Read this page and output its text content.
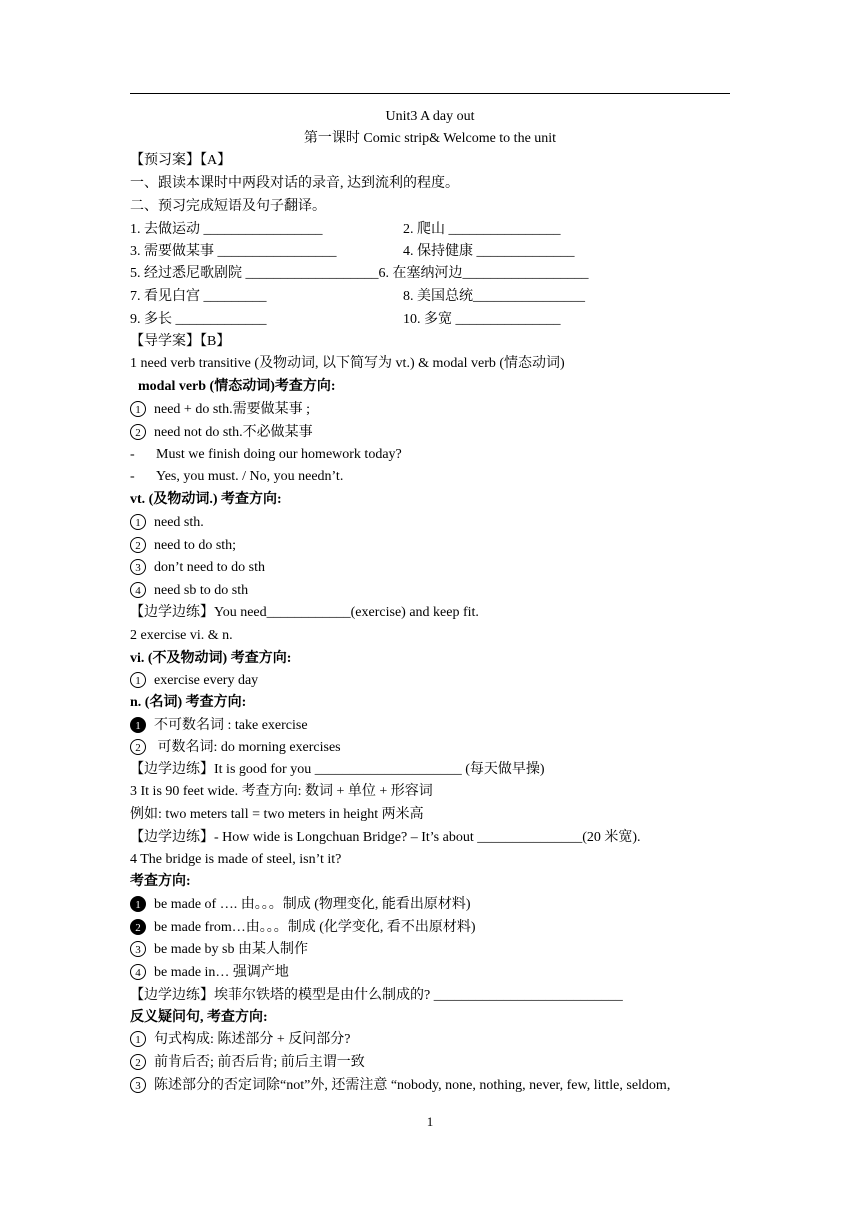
Unit3 A day out
第一课时 Comic strip& Welcome to the unit
【预习案】【A】
一、跟读本课时中两段对话的录音, 达到流利的程度。
二、预习完成短语及句子翻译。
1. 去做运动 _________________	2. 爬山 ________________
3. 需要做某事 _________________	4. 保持健康 ______________
5. 经过悉尼歌剧院 ___________________6. 在塞纳河边__________________
7. 看见白宫 _________	8. 美国总统________________
9. 多长 _____________	10. 多宽 _______________
【导学案】【B】
1 need verb transitive (及物动词, 以下简写为 vt.) & modal verb (情态动词)
modal verb (情态动词)考查方向:
1 need + do sth.需要做某事 ;
2 need not do sth.不必做某事
- Must we finish doing our homework today?
- Yes, you must. / No, you needn’t.
vt. (及物动词.) 考查方向:
1 need sth.
2 need to do sth;
3 don’t need to do sth
4 need sb to do sth
【边学边练】You need____________(exercise) and keep fit.
2 exercise vi. & n.
vi. (不及物动词) 考查方向:
1 exercise every day
n. (名词) 考查方向:
1 不可数名词 : take exercise
2 可数名词: do morning exercises
【边学边练】It is good for you _____________________ (每天做早操)
3 It is 90 feet wide. 考查方向: 数词 + 单位 + 形容词
例如: two meters tall = two meters in height 两米高
【边学边练】- How wide is Longchuan Bridge? – It’s about _______________(20 米宽).
4 The bridge is made of steel, isn’t it?
考查方向:
1 be made of …. 由。。。制成 (物理变化, 能看出原材料)
2 be made from…由。。。制成 (化学变化, 看不出原材料)
3 be made by sb 由某人制作
4 be made in… 强调产地
【边学边练】埃菲尔铁塔的模型是由什么制成的? ___________________________
反义疑问句, 考查方向:
1 句式构成: 陈述部分 + 反问部分?
2 前肯后否; 前否后肯; 前后主谓一致
3 陈述部分的否定词除“not”外, 还需注意 “nobody, none, nothing, never, few, little, seldom,
1
